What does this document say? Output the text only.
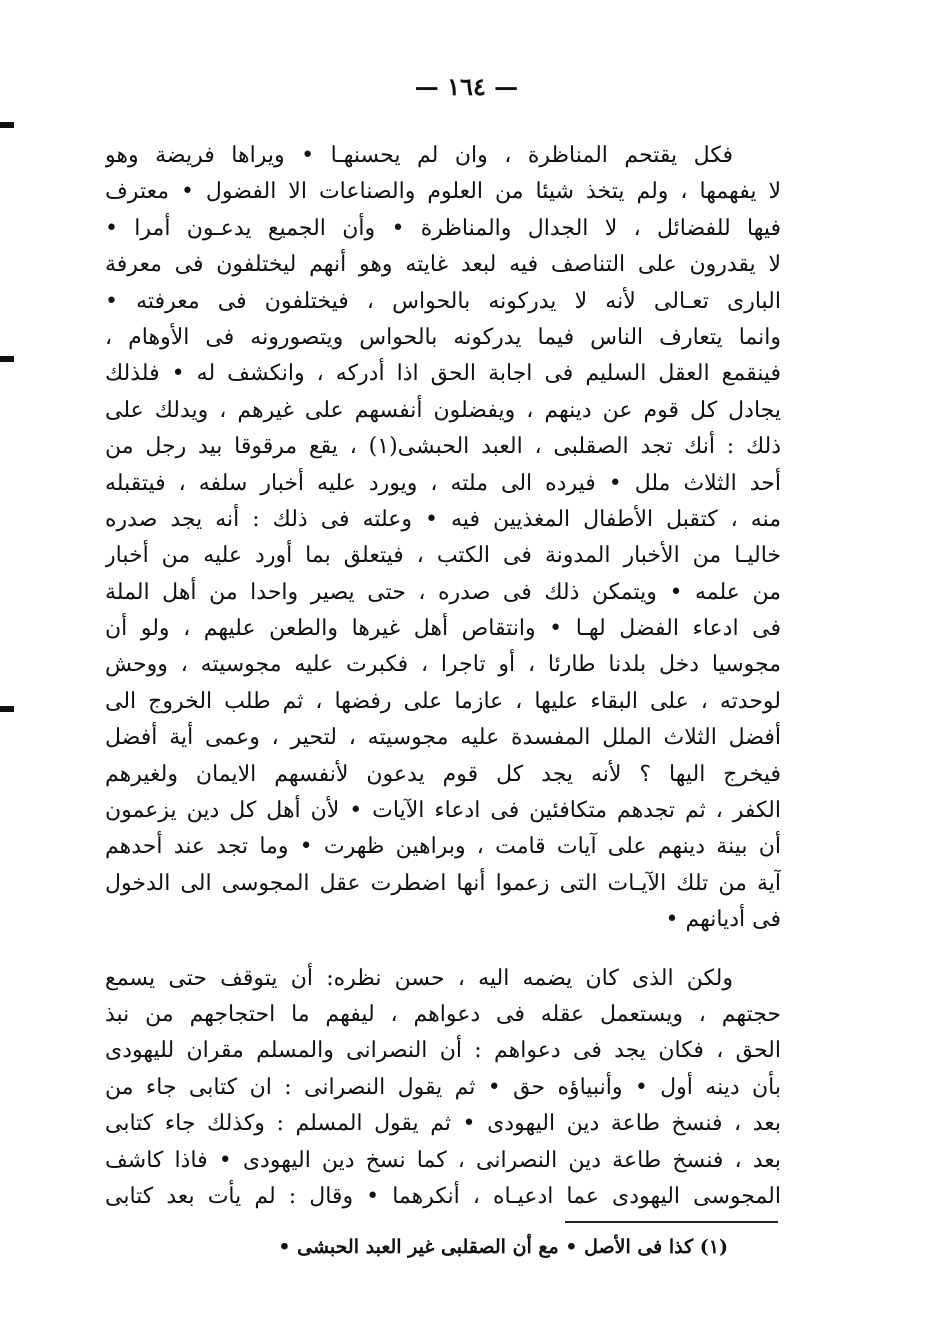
— ١٦٤ —
فكل يقتحم المناظرة ، وان لم يحسنهـا • ويراها فريضة وهو
لا يفهمها ، ولم يتخذ شيئا من العلوم والصناعات الا الفضول • معترف
فيها للفضائل ، لا الجدال والمناظرة • وأن الجميع يدعـون أمرا •
لا يقدرون على التناصف فيه لبعد غايته وهو أنهم ليختلفون فى معرفة
البارى تعـالى لأنه لا يدركونه بالحواس ، فيختلفون فى معرفته •
وانما يتعارف الناس فيما يدركونه بالحواس ويتصورونه فى الأوهام ،
فينقمع العقل السليم فى اجابة الحق اذا أدركه ، وانكشف له • فلذلك
يجادل كل قوم عن دينهم ، ويفضلون أنفسهم على غيرهم ، ويدلك على
ذلك : أنك تجد الصقلبى ، العبد الحبشى(١) ، يقع مرقوقا بيد رجل من
أحد الثلاث ملل • فيرده الى ملته ، ويورد عليه أخبار سلفه ، فيتقبله
منه ، كتقبل الأطفال المغذيين فيه • وعلته فى ذلك : أنه يجد صدره
خاليـا من الأخبار المدونة فى الكتب ، فيتعلق بما أورد عليه من أخبار
من علمه • ويتمكن ذلك فى صدره ، حتى يصير واحدا من أهل الملة
فى ادعاء الفضل لهـا • وانتقاص أهل غيرها والطعن عليهم ، ولو أن
مجوسيا دخل بلدنا طارئا ، أو تاجرا ، فكبرت عليه مجوسيته ، ووحش
لوحدته ، على البقاء عليها ، عازما على رفضها ، ثم طلب الخروج الى
أفضل الثلاث الملل المفسدة عليه مجوسيته ، لتحير ، وعمى أية أفضل
فيخرج اليها ؟ لأنه يجد كل قوم يدعون لأنفسهم الايمان ولغيرهم
الكفر ، ثم تجدهم متكافئين فى ادعاء الآيات • لأن أهل كل دين يزعمون
أن بينة دينهم على آيات قامت ، وبراهين ظهرت • وما تجد عند أحدهم
آية من تلك الآيـات التى زعموا أنها اضطرت عقل المجوسى الى الدخول
فى أديانهم •
ولكن الذى كان يضمه اليه ، حسن نظره: أن يتوقف حتى يسمع
حجتهم ، ويستعمل عقله فى دعواهم ، ليفهم ما احتجاجهم من نبذ
الحق ، فكان يجد فى دعواهم : أن النصرانى والمسلم مقران لليهودى
بأن دينه أول • وأنبياؤه حق • ثم يقول النصرانى : ان كتابى جاء من
بعد ، فنسخ طاعة دين اليهودى • ثم يقول المسلم : وكذلك جاء كتابى
بعد ، فنسخ طاعة دين النصرانى ، كما نسخ دين اليهودى • فاذا كاشف
المجوسى اليهودى عما ادعيـاه ، أنكرهما • وقال : لم يأت بعد كتابى
(١) كذا فى الأصل • مع أن الصقلبى غير العبد الحبشى •
